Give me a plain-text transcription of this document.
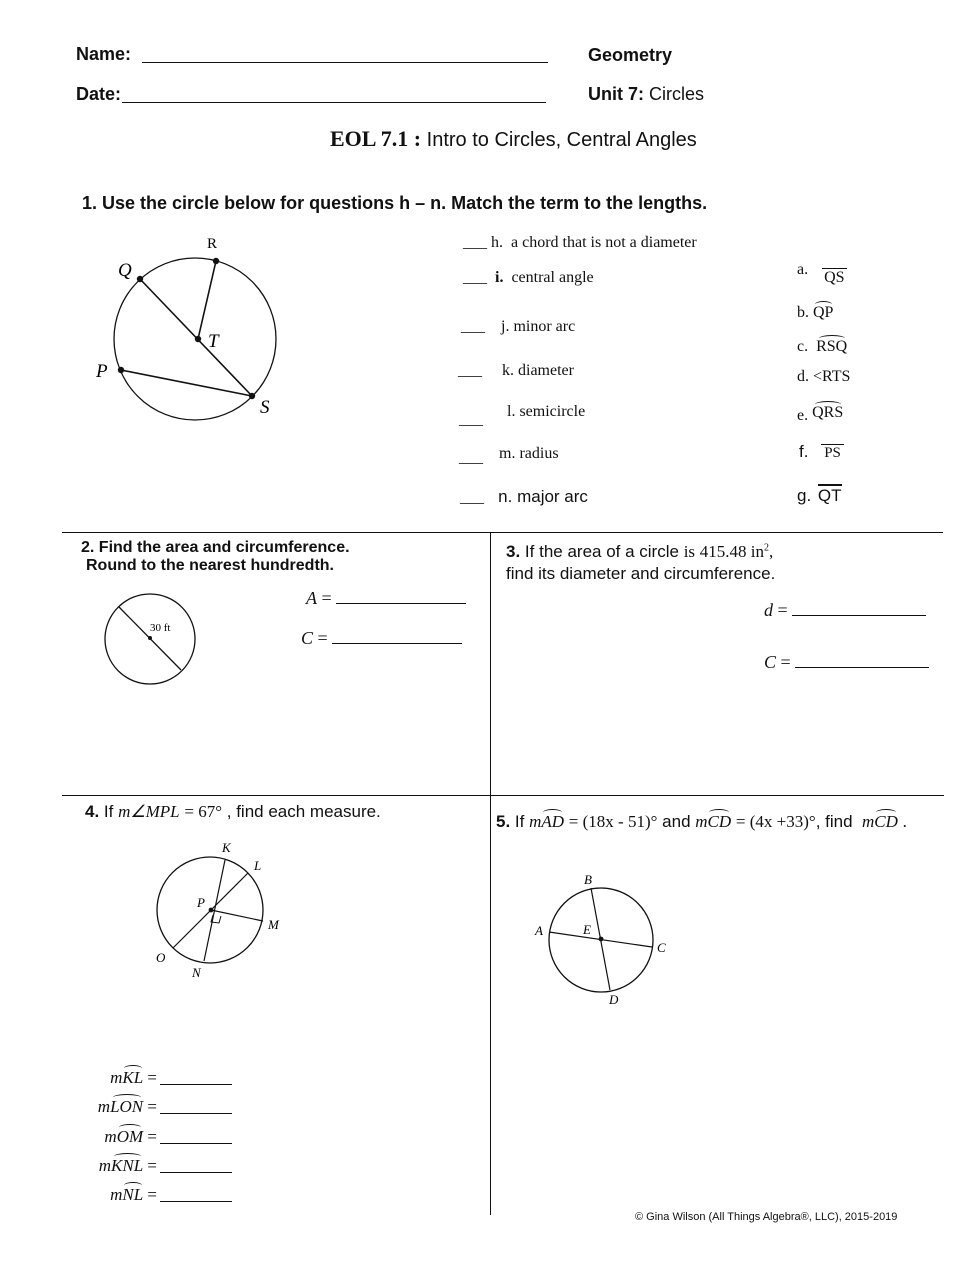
Name:
Date:
Geometry
Unit 7: Circles
EOL 7.1 : Intro to Circles, Central Angles
1. Use the circle below for questions h – n. Match the term to the lengths.
R
Q
T
P
S
___ h. a chord that is not a diameter
___ i. central angle
___ j. minor arc
___ k. diameter
___ l. semicircle
___ m. radius
___ n. major arc
a. QS
b. QP
c. RSQ
d. <RTS
e. QRS
f. PS
g. QT
2. Find the area and circumference.
Round to the nearest hundredth.
30 ft
A =
C =
3. If the area of a circle is 415.48 $in^2$,
find its diameter and circumference.
d =
C =
4. If m∠MPL = 67° , find each measure.
K
L
P
M
O
N
mKL =
mLON =
mOM =
mKNL =
mNL =
5. If mAD = (18x - 51)° and mCD = (4x +33)°, find mCD .
B
A	E
C
D
© Gina Wilson (All Things Algebra®, LLC), 2015-2019
